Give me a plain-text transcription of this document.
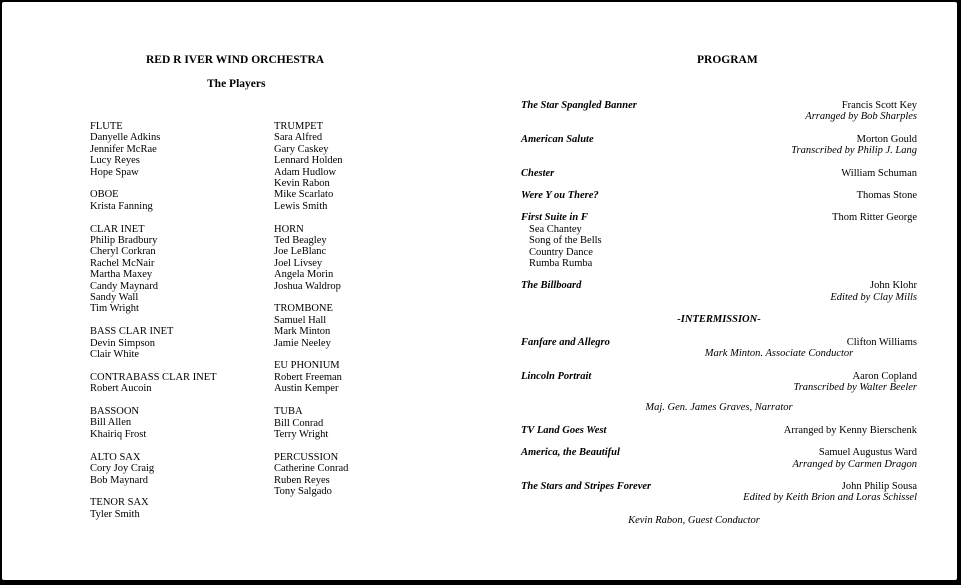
RED R IVER WIND ORCHESTRA
The Players
FLUTE
Danyelle Adkins
Jennifer McRae
Lucy Reyes
Hope Spaw
OBOE
Krista Fanning
CLAR INET
Philip Bradbury
Cheryl Corkran
Rachel McNair
Martha Maxey
Candy Maynard
Sandy Wall
Tim Wright
BASS CLAR INET
Devin Simpson
Clair White
CONTRABASS CLAR INET
Robert Aucoin
BASSOON
Bill Allen
Khairiq Frost
ALTO SAX
Cory Joy Craig
Bob Maynard
TENOR SAX
Tyler Smith
TRUMPET
Sara Alfred
Gary Caskey
Lennard Holden
Adam Hudlow
Kevin Rabon
Mike Scarlato
Lewis Smith
HORN
Ted Beagley
Joe LeBlanc
Joel Livsey
Angela Morin
Joshua Waldrop
TROMBONE
Samuel Hall
Mark Minton
Jamie Neeley
EU PHONIUM
Robert Freeman
Austin Kemper
TUBA
Bill Conrad
Terry Wright
PERCUSSION
Catherine Conrad
Ruben Reyes
Tony Salgado
PROGRAM
The Star Spangled Banner	Francis Scott Key
Arranged by Bob Sharples
American Salute	Morton Gould
Transcribed by Philip J. Lang
Chester	William Schuman
Were Y ou There?	Thomas Stone
First Suite in F	Thom Ritter George
Sea Chantey
Song of the Bells
Country Dance
Rumba Rumba
The Billboard	John Klohr
Edited by Clay Mills
-INTERMISSION-
Fanfare and Allegro	Clifton Williams
Mark Minton. Associate Conductor
Lincoln Portrait	Aaron Copland
Transcribed by Walter Beeler
Maj. Gen. James Graves, Narrator
TV Land Goes West	Arranged by Kenny Bierschenk
America, the Beautiful	Samuel Augustus Ward
Arranged by Carmen Dragon
The Stars and Stripes Forever	John Philip Sousa
Edited by Keith Brion and Loras Schissel
Kevin Rabon, Guest Conductor
